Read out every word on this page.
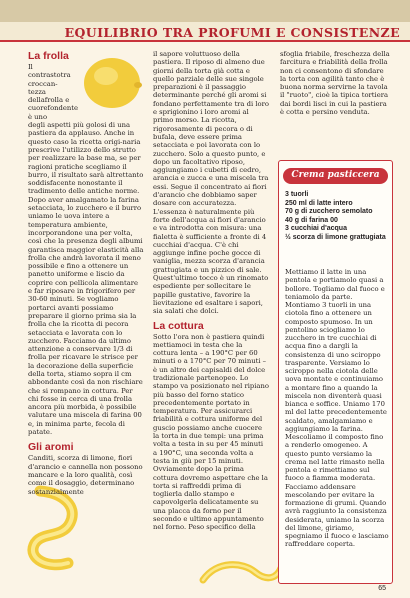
EQUILIBRIO TRA PROFUMI E CONSISTENZE
La frolla
Il contrastotra croccan-tezza dellafrolla e cuorefondente è uno
degli aspetti più golosi di una pastiera da applauso. Anche in questo caso la ricetta origi-naria prescrive l'utilizzo dello strutto per realizzare la base ma, se per ragioni pratiche scegliamo il burro, il risultato sarà altrettanto soddisfacente nonostante il tradimento delle antiche norme. Dopo aver amalgamato la farina setacciata, lo zucchero e il burro uniamo le uova intere a temperatura ambiente, incorporandone una per volta, così che la presenza degli albumi garantisca maggior elasticità alla frolla che andrà lavorata il meno possibile e fino a ottenere un panetto uniforme e liscio da coprire con pellicola alimentare e far riposare in frigorifero per 30-60 minuti. Se vogliamo portarci avanti possiamo preparare il giorno prima sia la frolla che la ricotta di pecora setacciata e lavorata con lo zucchero. Facciamo da ultimo attenzione a conservare 1/3 di frolla per ricavare le strisce per la decorazione della superficie della torta, stiamo sopra il cm abbondante così da non rischiare che si rompano in cottura. Per chi fosse in cerca di una frolla ancora più morbida, è possibile valutare una miscela di farina 00 e, in minima parte, fecola di patate.
Gli aromi
Canditi, scorza di limone, fiori d'arancio e cannella non possono mancare e la loro qualità, così come il dosaggio, determinano sostanzialmente
il sapore voluttuoso della pastiera. Il riposo di almeno due giorni della torta già cotta e quello parziale delle sue singole preparazioni è il passaggio determinante perché gli aromi si fondano perfettamente tra di loro e sprigionino i loro aromi al primo morso. La ricotta, rigorosamente di pecora o di bufala, deve essere prima setacciata e poi lavorata con lo zucchero. Solo a questo punto, e dopo un facoltativo riposo, aggiungiamo i cubetti di cedro, arancia e zucca e una miscela tra essi. Segue il concentrato ai fiori d'arancio che dobbiamo saper dosare con accuratezza. L'essenza è naturalmente più forte dell'acqua ai fiori d'arancio e va introdotta con misura: una fialetta è sufficiente a fronte di 4 cucchiai d'acqua. C'è chi aggiunge infine poche gocce di vaniglia, mezza scorza d'arancia grattugiata e un pizzico di sale. Quest'ultimo tocco è un rinomato espediente per sollecitare le papille gustative, favorire la lievitazione ed esaltare i sapori, sia salati che dolci.
La cottura
Sotto l'ora non è pastiera quindi mettiamoci in testa che la cottura lenta – a 190°C per 60 minuti o a 170°C per 70 minuti – è un altro dei capisaldi del dolce tradizionale partenopeo. Lo stampo va posizionato nel ripiano più basso del forno statico precedentemente portato in temperatura. Per assicurarci friabilità e cottura uniforme del guscio possiamo anche cuocere la torta in due tempi: una prima volta a testa in su per 45 minuti a 190°C, una seconda volta a testa in giù per 15 minuti. Ovviamente dopo la prima cottura dovremo aspettare che la torta si raffreddi prima di toglierla dallo stampo e capovolgerla delicatamente su una placca da forno per il secondo e ultimo appuntamento nel forno. Peso specifico della
sfoglia friabile, freschezza della farcitura e friabilità della frolla non ci consentono di sfondare la torta con agilità tanto che è buona norma servirne la tavola il "ruoto", cioè la tipica tortiera dai bordi lisci in cui la pastiera è cotta e persino venduta.
Crema pasticcera
3 tuorli
250 ml di latte intero
70 g di zucchero semolato
40 g di farina 00
3 cucchiai d'acqua
½ scorza di limone grattugiata
Mettiamo il latte in una pentola e portiamolo quasi a bollore. Togliamo dal fuoco e teniamolo da parte. Montiamo 3 tuorli in una ciotola fino a ottenere un composto spumoso. In un pentolino sciogliamo lo zucchero in tre cucchiai di acqua fino a dargli la consistenza di uno sciroppo trasparente. Versiamo lo sciroppo nella ciotola delle uova montate e continuiamo a montare fino a quando la miscela non diventerà quasi bianca e soffice. Uniamo 170 ml del latte precedentemente scaldato, amalgamiamo e aggiungiamo la farina. Mescoliamo il composto fino a renderlo omogeneo. A questo punto versiamo la crema nel latte rimasto nella pentola e rimettiamo sul fuoco a fiamma moderata. Facciamo addensare mescolando per evitare la formazione di grumi. Quando avrà raggiunto la consistenza desiderata, uniamo la scorza del limone, giriamo, spegniamo il fuoco e lasciamo raffreddare coperta.
65
